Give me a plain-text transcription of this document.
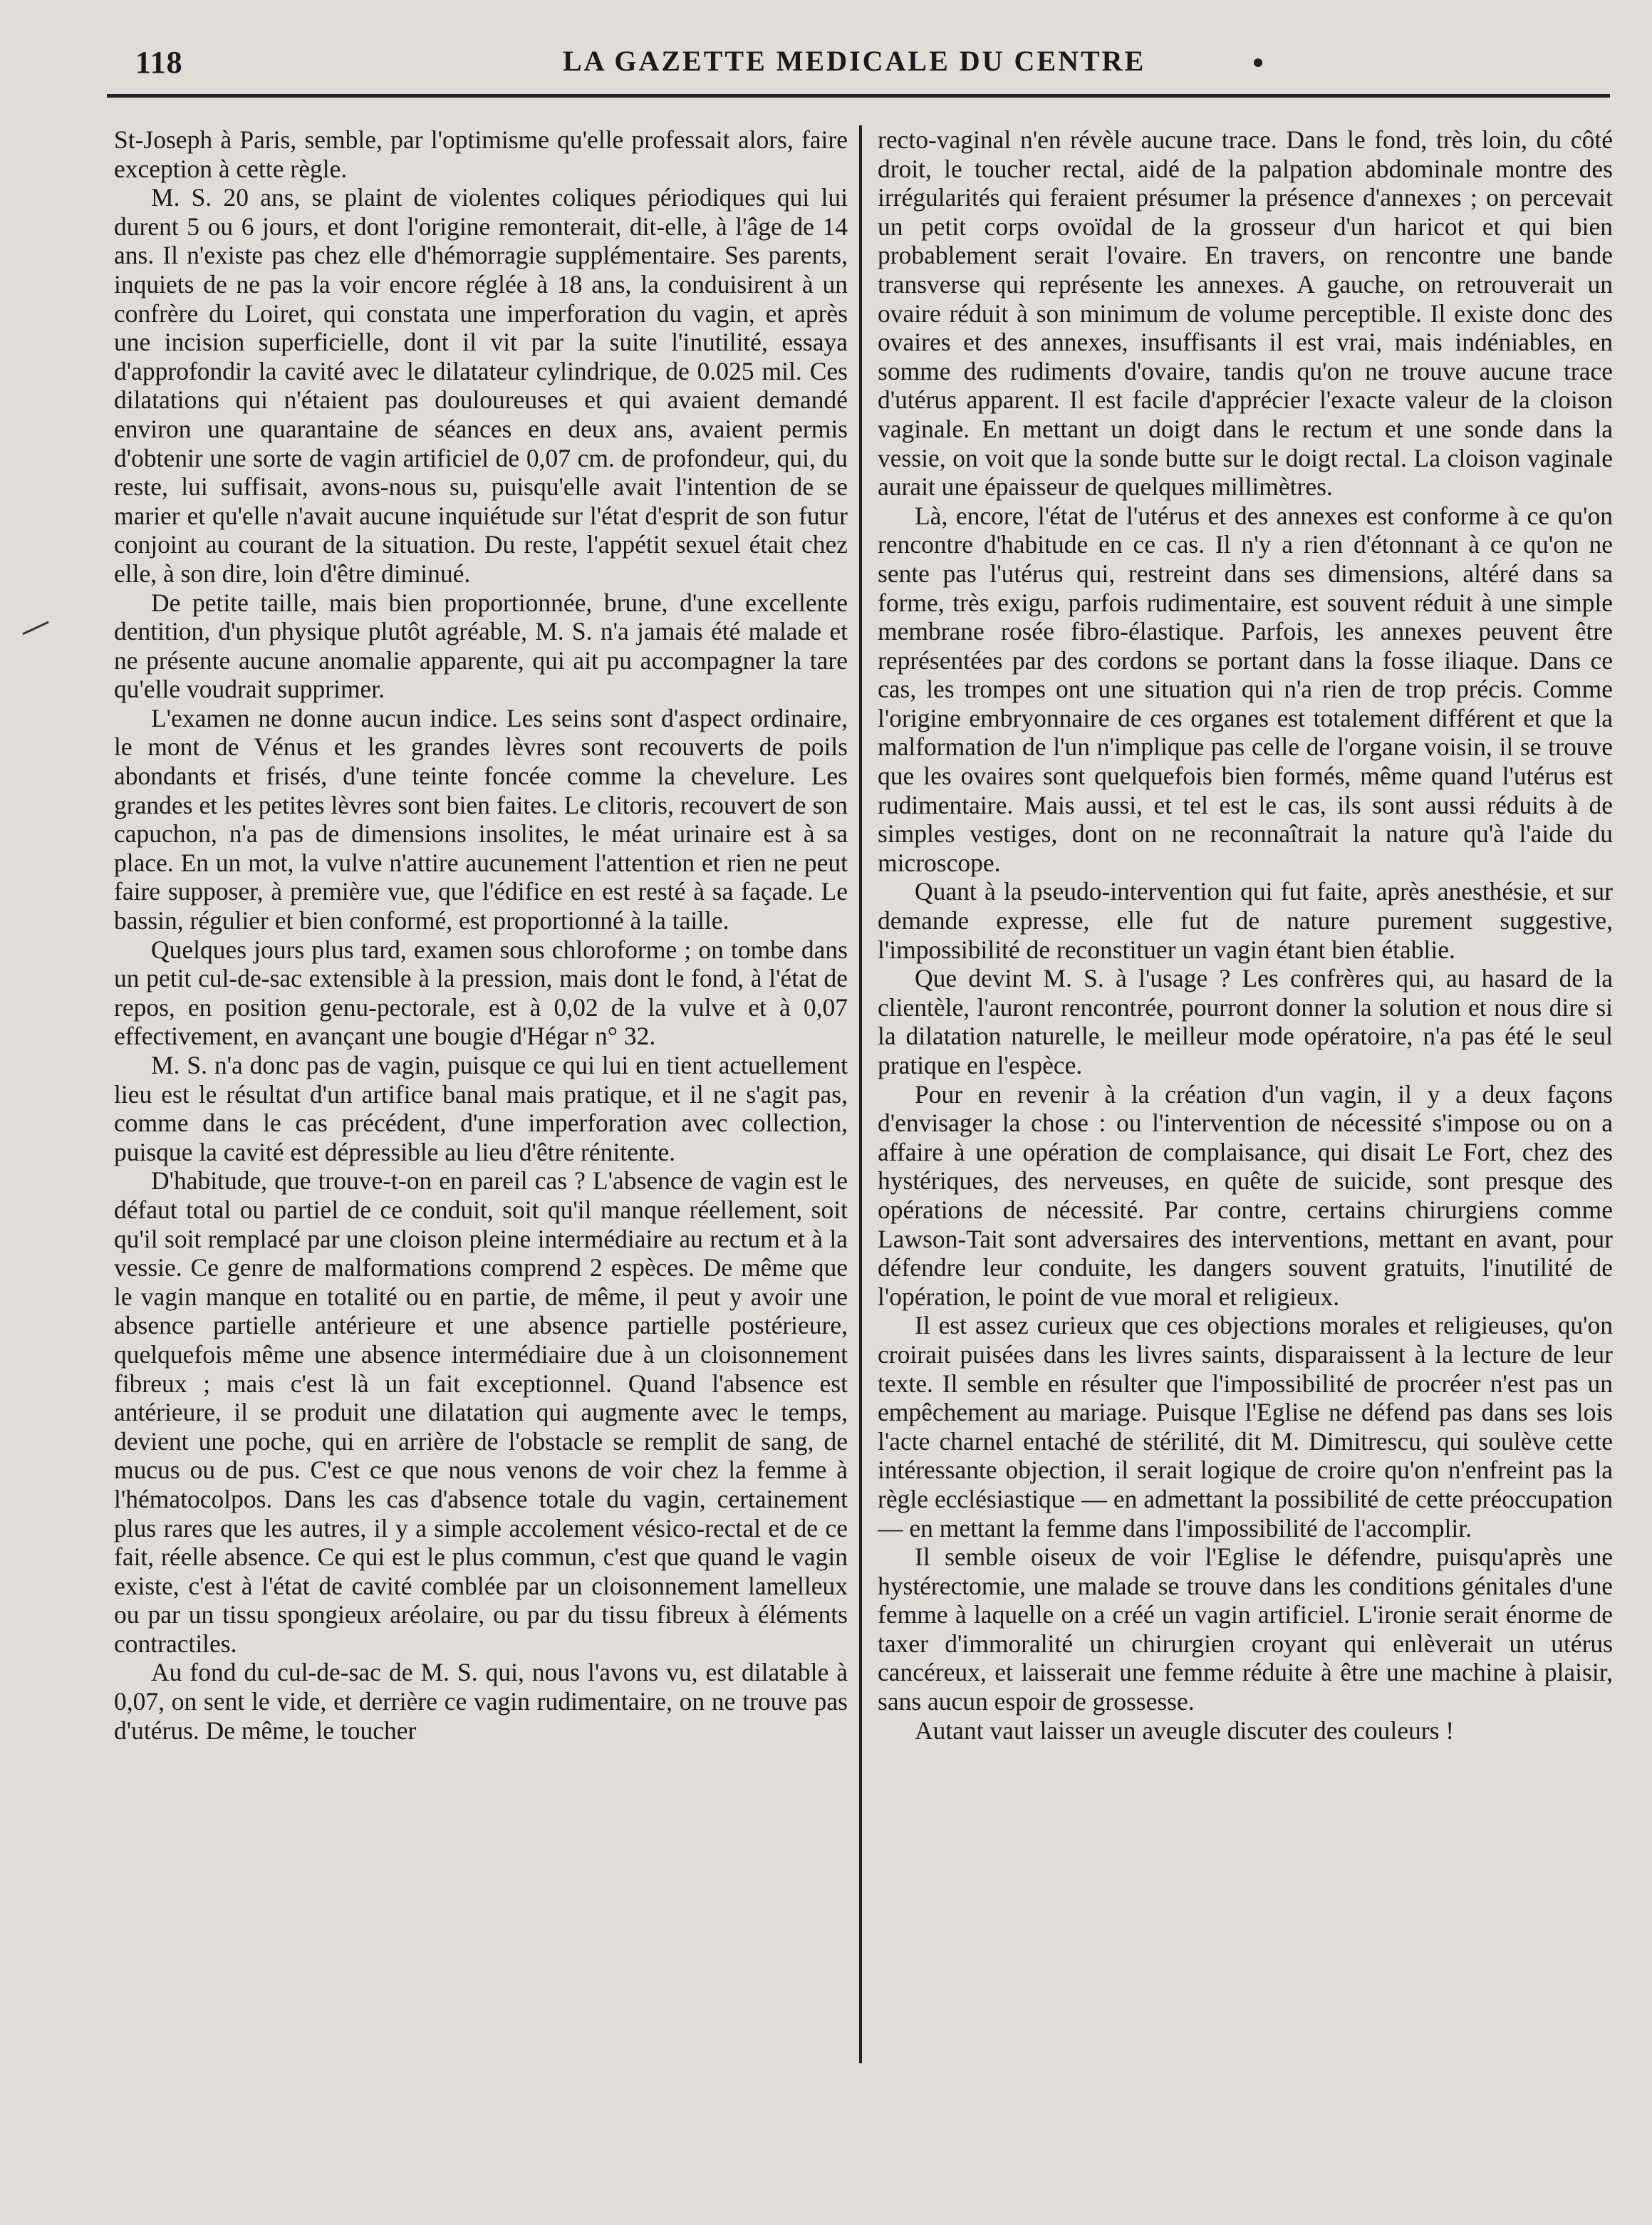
118	LA GAZETTE MEDICALE DU CENTRE

St-Joseph à Paris, semble, par l'optimisme qu'elle professait alors, faire exception à cette règle.

M. S. 20 ans, se plaint de violentes coliques périodiques qui lui durent 5 ou 6 jours, et dont l'origine remonterait, dit-elle, à l'âge de 14 ans. Il n'existe pas chez elle d'hémorragie supplémentaire. Ses parents, inquiets de ne pas la voir encore réglée à 18 ans, la conduisirent à un confrère du Loiret, qui constata une imperforation du vagin, et après une incision superficielle, dont il vit par la suite l'inutilité, essaya d'approfondir la cavité avec le dilatateur cylindrique, de 0.025 mil. Ces dilatations qui n'étaient pas douloureuses et qui avaient demandé environ une quarantaine de séances en deux ans, avaient permis d'obtenir une sorte de vagin artificiel de 0,07 cm. de profondeur, qui, du reste, lui suffisait, avons-nous su, puisqu'elle avait l'intention de se marier et qu'elle n'avait aucune inquiétude sur l'état d'esprit de son futur conjoint au courant de la situation. Du reste, l'appétit sexuel était chez elle, à son dire, loin d'être diminué.

De petite taille, mais bien proportionnée, brune, d'une excellente dentition, d'un physique plutôt agréable, M. S. n'a jamais été malade et ne présente aucune anomalie apparente, qui ait pu accompagner la tare qu'elle voudrait supprimer.

L'examen ne donne aucun indice. Les seins sont d'aspect ordinaire, le mont de Vénus et les grandes lèvres sont recouverts de poils abondants et frisés, d'une teinte foncée comme la chevelure. Les grandes et les petites lèvres sont bien faites. Le clitoris, recouvert de son capuchon, n'a pas de dimensions insolites, le méat urinaire est à sa place. En un mot, la vulve n'attire aucunement l'attention et rien ne peut faire supposer, à première vue, que l'édifice en est resté à sa façade. Le bassin, régulier et bien conformé, est proportionné à la taille.

Quelques jours plus tard, examen sous chloroforme ; on tombe dans un petit cul-de-sac extensible à la pression, mais dont le fond, à l'état de repos, en position genu-pectorale, est à 0,02 de la vulve et à 0,07 effectivement, en avançant une bougie d'Hégar n° 32.

M. S. n'a donc pas de vagin, puisque ce qui lui en tient actuellement lieu est le résultat d'un artifice banal mais pratique, et il ne s'agit pas, comme dans le cas précédent, d'une imperforation avec collection, puisque la cavité est dépressible au lieu d'être rénitente.

D'habitude, que trouve-t-on en pareil cas ? L'absence de vagin est le défaut total ou partiel de ce conduit, soit qu'il manque réellement, soit qu'il soit remplacé par une cloison pleine intermédiaire au rectum et à la vessie. Ce genre de malformations comprend 2 espèces. De même que le vagin manque en totalité ou en partie, de même, il peut y avoir une absence partielle antérieure et une absence partielle postérieure, quelquefois même une absence intermédiaire due à un cloisonnement fibreux ; mais c'est là un fait exceptionnel. Quand l'absence est antérieure, il se produit une dilatation qui augmente avec le temps, devient une poche, qui en arrière de l'obstacle se remplit de sang, de mucus ou de pus. C'est ce que nous venons de voir chez la femme à l'hématocolpos. Dans les cas d'absence totale du vagin, certainement plus rares que les autres, il y a simple accolement vésico-rectal et de ce fait, réelle absence. Ce qui est le plus commun, c'est que quand le vagin existe, c'est à l'état de cavité comblée par un cloisonnement lamelleux ou par un tissu spongieux aréolaire, ou par du tissu fibreux à éléments contractiles.

Au fond du cul-de-sac de M. S. qui, nous l'avons vu, est dilatable à 0,07, on sent le vide, et derrière ce vagin rudimentaire, on ne trouve pas d'utérus. De même, le toucher

recto-vaginal n'en révèle aucune trace. Dans le fond, très loin, du côté droit, le toucher rectal, aidé de la palpation abdominale montre des irrégularités qui feraient présumer la présence d'annexes ; on percevait un petit corps ovoïdal de la grosseur d'un haricot et qui bien probablement serait l'ovaire. En travers, on rencontre une bande transverse qui représente les annexes. A gauche, on retrouverait un ovaire réduit à son minimum de volume perceptible. Il existe donc des ovaires et des annexes, insuffisants il est vrai, mais indéniables, en somme des rudiments d'ovaire, tandis qu'on ne trouve aucune trace d'utérus apparent. Il est facile d'apprécier l'exacte valeur de la cloison vaginale. En mettant un doigt dans le rectum et une sonde dans la vessie, on voit que la sonde butte sur le doigt rectal. La cloison vaginale aurait une épaisseur de quelques millimètres.

Là, encore, l'état de l'utérus et des annexes est conforme à ce qu'on rencontre d'habitude en ce cas. Il n'y a rien d'étonnant à ce qu'on ne sente pas l'utérus qui, restreint dans ses dimensions, altéré dans sa forme, très exigu, parfois rudimentaire, est souvent réduit à une simple membrane rosée fibro-élastique. Parfois, les annexes peuvent être représentées par des cordons se portant dans la fosse iliaque. Dans ce cas, les trompes ont une situation qui n'a rien de trop précis. Comme l'origine embryonnaire de ces organes est totalement différent et que la malformation de l'un n'implique pas celle de l'organe voisin, il se trouve que les ovaires sont quelquefois bien formés, même quand l'utérus est rudimentaire. Mais aussi, et tel est le cas, ils sont aussi réduits à de simples vestiges, dont on ne reconnaîtrait la nature qu'à l'aide du microscope.

Quant à la pseudo-intervention qui fut faite, après anesthésie, et sur demande expresse, elle fut de nature purement suggestive, l'impossibilité de reconstituer un vagin étant bien établie.

Que devint M. S. à l'usage ? Les confrères qui, au hasard de la clientèle, l'auront rencontrée, pourront donner la solution et nous dire si la dilatation naturelle, le meilleur mode opératoire, n'a pas été le seul pratique en l'espèce.

Pour en revenir à la création d'un vagin, il y a deux façons d'envisager la chose : ou l'intervention de nécessité s'impose ou on a affaire à une opération de complaisance, qui disait Le Fort, chez des hystériques, des nerveuses, en quête de suicide, sont presque des opérations de nécessité. Par contre, certains chirurgiens comme Lawson-Tait sont adversaires des interventions, mettant en avant, pour défendre leur conduite, les dangers souvent gratuits, l'inutilité de l'opération, le point de vue moral et religieux.

Il est assez curieux que ces objections morales et religieuses, qu'on croirait puisées dans les livres saints, disparaissent à la lecture de leur texte. Il semble en résulter que l'impossibilité de procréer n'est pas un empêchement au mariage. Puisque l'Eglise ne défend pas dans ses lois l'acte charnel entaché de stérilité, dit M. Dimitrescu, qui soulève cette intéressante objection, il serait logique de croire qu'on n'enfreint pas la règle ecclésiastique — en admettant la possibilité de cette préoccupation — en mettant la femme dans l'impossibilité de l'accomplir.

Il semble oiseux de voir l'Eglise le défendre, puisqu'après une hystérectomie, une malade se trouve dans les conditions génitales d'une femme à laquelle on a créé un vagin artificiel. L'ironie serait énorme de taxer d'immoralité un chirurgien croyant qui enlèverait un utérus cancéreux, et laisserait une femme réduite à être une machine à plaisir, sans aucun espoir de grossesse.

Autant vaut laisser un aveugle discuter des couleurs !
